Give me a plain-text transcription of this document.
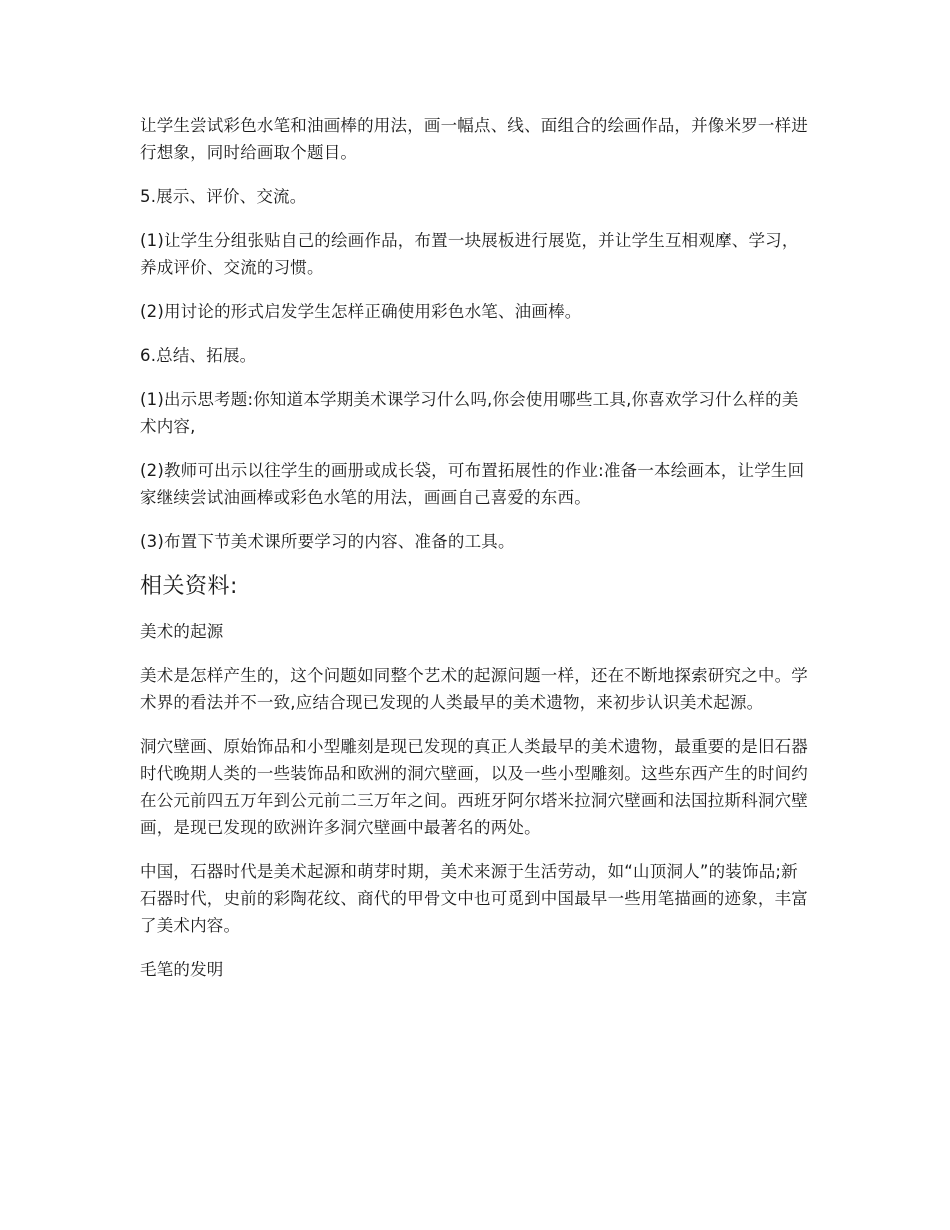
让学生尝试彩色水笔和油画棒的用法，画一幅点、线、面组合的绘画作品，并像米罗一样进行想象，同时给画取个题目。

5.展示、评价、交流。

(1)让学生分组张贴自己的绘画作品，布置一块展板进行展览，并让学生互相观摩、学习，养成评价、交流的习惯。

(2)用讨论的形式启发学生怎样正确使用彩色水笔、油画棒。

6.总结、拓展。

(1)出示思考题:你知道本学期美术课学习什么吗,你会使用哪些工具,你喜欢学习什么样的美术内容,

(2)教师可出示以往学生的画册或成长袋，可布置拓展性的作业:准备一本绘画本，让学生回家继续尝试油画棒或彩色水笔的用法，画画自己喜爱的东西。

(3)布置下节美术课所要学习的内容、准备的工具。

相关资料:

美术的起源

美术是怎样产生的，这个问题如同整个艺术的起源问题一样，还在不断地探索研究之中。学术界的看法并不一致,应结合现已发现的人类最早的美术遗物，来初步认识美术起源。

洞穴壁画、原始饰品和小型雕刻是现已发现的真正人类最早的美术遗物，最重要的是旧石器时代晚期人类的一些装饰品和欧洲的洞穴壁画，以及一些小型雕刻。这些东西产生的时间约在公元前四五万年到公元前二三万年之间。西班牙阿尔塔米拉洞穴壁画和法国拉斯科洞穴壁画，是现已发现的欧洲许多洞穴壁画中最著名的两处。

中国，石器时代是美术起源和萌芽时期，美术来源于生活劳动，如“山顶洞人”的装饰品;新石器时代，史前的彩陶花纹、商代的甲骨文中也可觅到中国最早一些用笔描画的迹象，丰富了美术内容。

毛笔的发明
